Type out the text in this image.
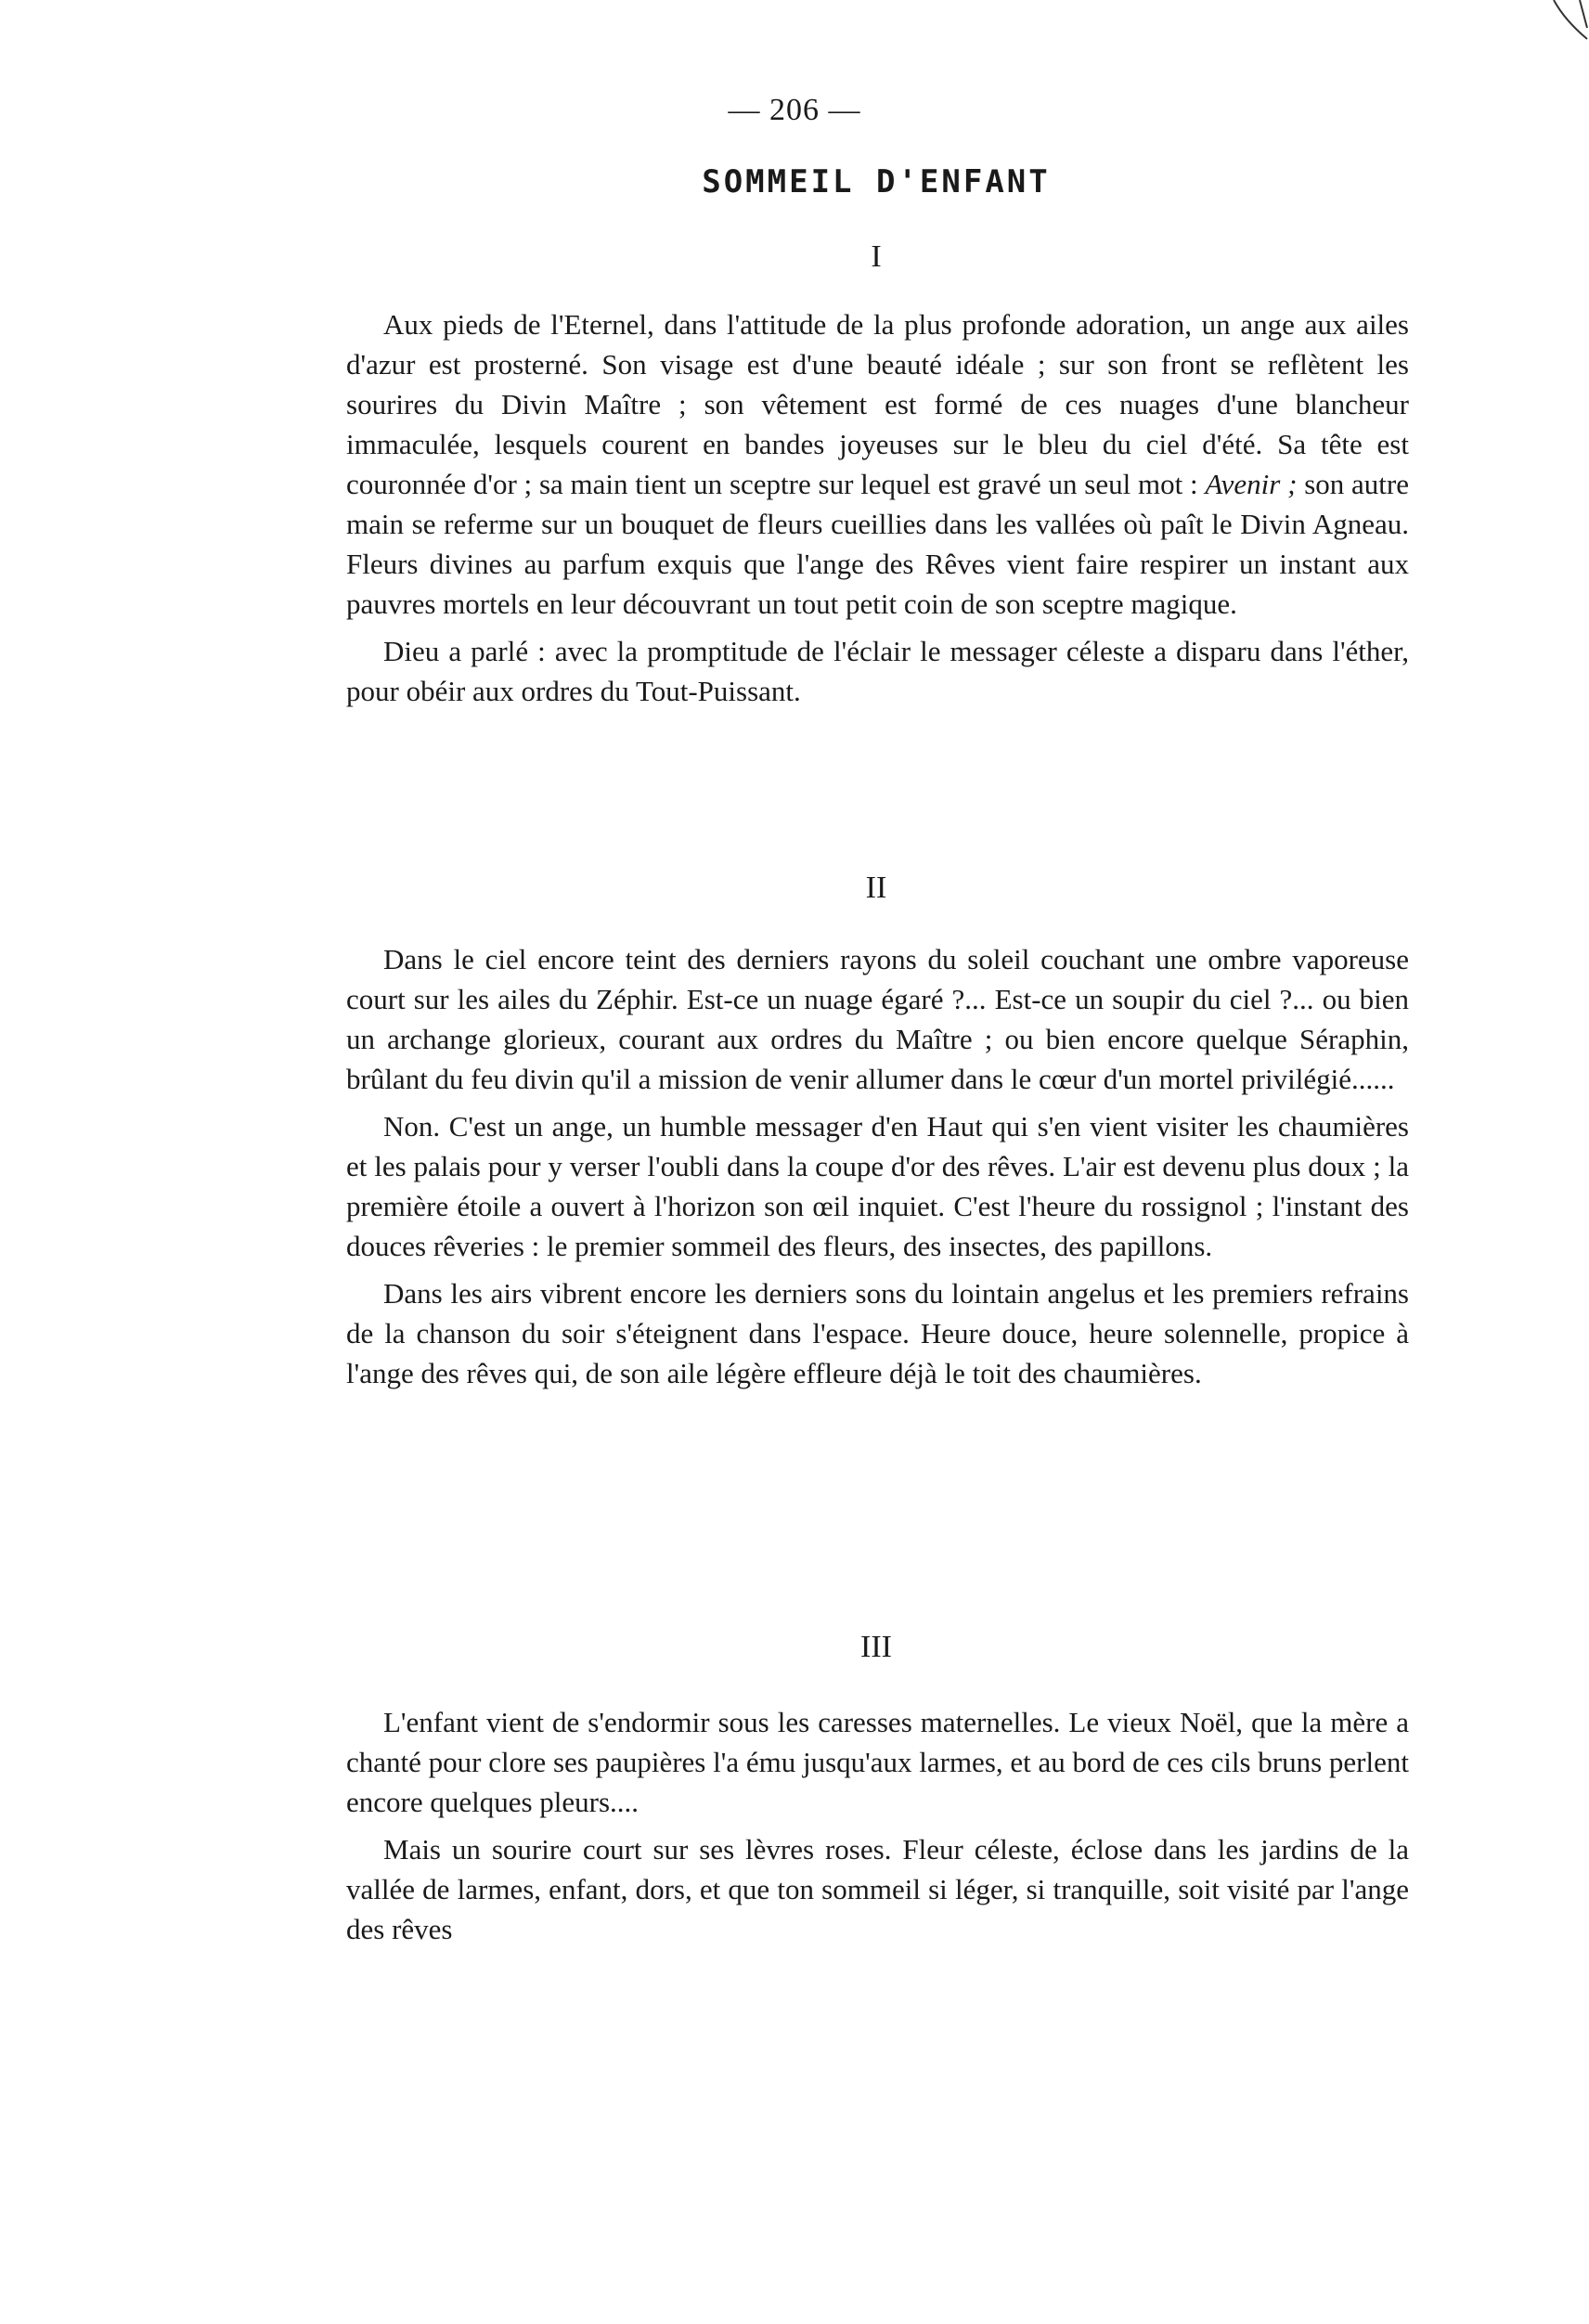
— 206 —
SOMMEIL D'ENFANT
I

Aux pieds de l'Eternel, dans l'attitude de la plus profonde adoration, un ange aux ailes d'azur est prosterné. Son visage est d'une beauté idéale ; sur son front se reflètent les sourires du Divin Maître ; son vêtement est formé de ces nuages d'une blancheur immaculée, lesquels courent en bandes joyeuses sur le bleu du ciel d'été. Sa tête est couronnée d'or ; sa main tient un sceptre sur lequel est gravé un seul mot : Avenir ; son autre main se referme sur un bouquet de fleurs cueillies dans les vallées où paît le Divin Agneau. Fleurs divines au parfum exquis que l'ange des Rêves vient faire respirer un instant aux pauvres mortels en leur découvrant un tout petit coin de son sceptre magique.

Dieu a parlé : avec la promptitude de l'éclair le messager céleste a disparu dans l'éther, pour obéir aux ordres du Tout-Puissant.

II

Dans le ciel encore teint des derniers rayons du soleil couchant une ombre vaporeuse court sur les ailes du Zéphir. Est-ce un nuage égaré ?... Est-ce un soupir du ciel ?... ou bien un archange glorieux, courant aux ordres du Maître ; ou bien encore quelque Séraphin, brûlant du feu divin qu'il a mission de venir allumer dans le cœur d'un mortel privilégié......

Non. C'est un ange, un humble messager d'en Haut qui s'en vient visiter les chaumières et les palais pour y verser l'oubli dans la coupe d'or des rêves. L'air est devenu plus doux ; la première étoile a ouvert à l'horizon son œil inquiet. C'est l'heure du rossignol ; l'instant des douces rêveries : le premier sommeil des fleurs, des insectes, des papillons.

Dans les airs vibrent encore les derniers sons du lointain angelus et les premiers refrains de la chanson du soir s'éteignent dans l'espace. Heure douce, heure solennelle, propice à l'ange des rêves qui, de son aile légère effleure déjà le toit des chaumières.

III

L'enfant vient de s'endormir sous les caresses maternelles. Le vieux Noël, que la mère a chanté pour clore ses paupières l'a ému jusqu'aux larmes, et au bord de ces cils bruns perlent encore quelques pleurs....

Mais un sourire court sur ses lèvres roses. Fleur céleste, éclose dans les jardins de la vallée de larmes, enfant, dors, et que ton sommeil si léger, si tranquille, soit visité par l'ange des rêves
